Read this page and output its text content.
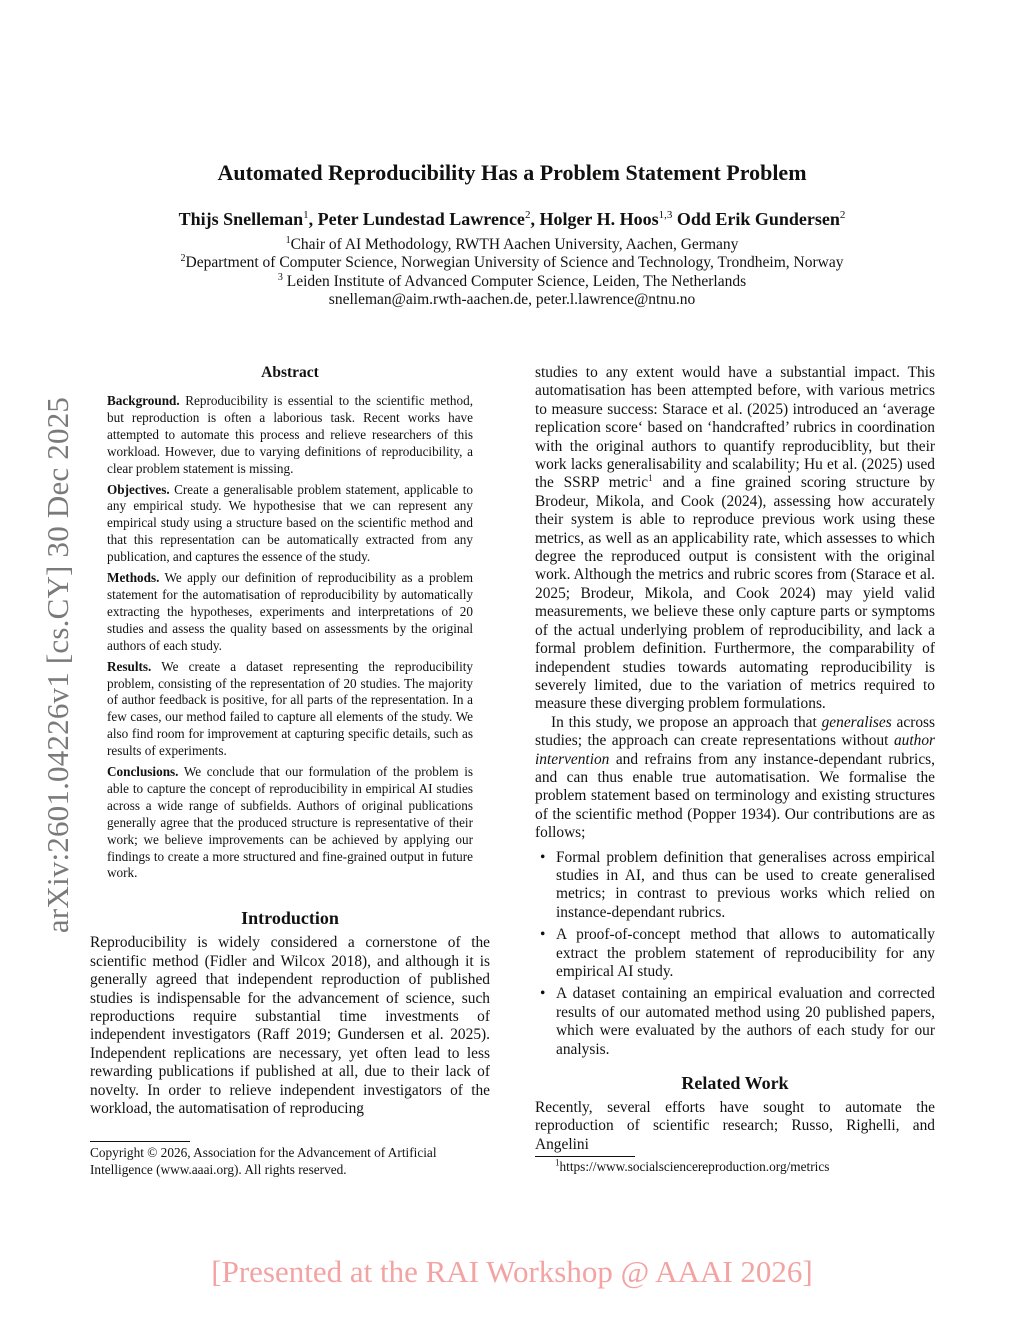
arXiv:2601.04226v1 [cs.CY] 30 Dec 2025
Automated Reproducibility Has a Problem Statement Problem
Thijs Snelleman$^1$, Peter Lundestad Lawrence$^2$, Holger H. Hoos$^{1,3}$ Odd Erik Gundersen$^2$
$^1$Chair of AI Methodology, RWTH Aachen University, Aachen, Germany
$^2$Department of Computer Science, Norwegian University of Science and Technology, Trondheim, Norway
$^3$ Leiden Institute of Advanced Computer Science, Leiden, The Netherlands
snelleman@aim.rwth-aachen.de, peter.l.lawrence@ntnu.no
Abstract

Background. Reproducibility is essential to the scientific method, but reproduction is often a laborious task. Recent works have attempted to automate this process and relieve researchers of this workload. However, due to varying definitions of reproducibility, a clear problem statement is missing.

Objectives. Create a generalisable problem statement, applicable to any empirical study. We hypothesise that we can represent any empirical study using a structure based on the scientific method and that this representation can be automatically extracted from any publication, and captures the essence of the study.

Methods. We apply our definition of reproducibility as a problem statement for the automatisation of reproducibility by automatically extracting the hypotheses, experiments and interpretations of 20 studies and assess the quality based on assessments by the original authors of each study.

Results. We create a dataset representing the reproducibility problem, consisting of the representation of 20 studies. The majority of author feedback is positive, for all parts of the representation. In a few cases, our method failed to capture all elements of the study. We also find room for improvement at capturing specific details, such as results of experiments.

Conclusions. We conclude that our formulation of the problem is able to capture the concept of reproducibility in empirical AI studies across a wide range of subfields. Authors of original publications generally agree that the produced structure is representative of their work; we believe improvements can be achieved by applying our findings to create a more structured and fine-grained output in future work.

Introduction

Reproducibility is widely considered a cornerstone of the scientific method (Fidler and Wilcox 2018), and although it is generally agreed that independent reproduction of published studies is indispensable for the advancement of science, such reproductions require substantial time investments of independent investigators (Raff 2019; Gundersen et al. 2025). Independent replications are necessary, yet often lead to less rewarding publications if published at all, due to their lack of novelty. In order to relieve independent investigators of the workload, the automatisation of reproducing

Copyright © 2026, Association for the Advancement of Artificial Intelligence (www.aaai.org). All rights reserved.

studies to any extent would have a substantial impact. This automatisation has been attempted before, with various metrics to measure success: Starace et al. (2025) introduced an ‘average replication score‘ based on ‘handcrafted’ rubrics in coordination with the original authors to quantify reproduciblity, but their work lacks generalisability and scalability; Hu et al. (2025) used the SSRP metric$^1$ and a fine grained scoring structure by Brodeur, Mikola, and Cook (2024), assessing how accurately their system is able to reproduce previous work using these metrics, as well as an applicability rate, which assesses to which degree the reproduced output is consistent with the original work. Although the metrics and rubric scores from (Starace et al. 2025; Brodeur, Mikola, and Cook 2024) may yield valid measurements, we believe these only capture parts or symptoms of the actual underlying problem of reproducibility, and lack a formal problem definition. Furthermore, the comparability of independent studies towards automating reproducibility is severely limited, due to the variation of metrics required to measure these diverging problem formulations.

In this study, we propose an approach that generalises across studies; the approach can create representations without author intervention and refrains from any instance-dependant rubrics, and can thus enable true automatisation. We formalise the problem statement based on terminology and existing structures of the scientific method (Popper 1934). Our contributions are as follows;

• Formal problem definition that generalises across empirical studies in AI, and thus can be used to create generalised metrics; in contrast to previous works which relied on instance-dependant rubrics.
• A proof-of-concept method that allows to automatically extract the problem statement of reproducibility for any empirical AI study.
• A dataset containing an empirical evaluation and corrected results of our automated method using 20 published papers, which were evaluated by the authors of each study for our analysis.
Related Work

Recently, several efforts have sought to automate the reproduction of scientific research; Russo, Righelli, and Angelini

$^1$https://www.socialsciencereproduction.org/metrics

[Presented at the RAI Workshop @ AAAI 2026]
